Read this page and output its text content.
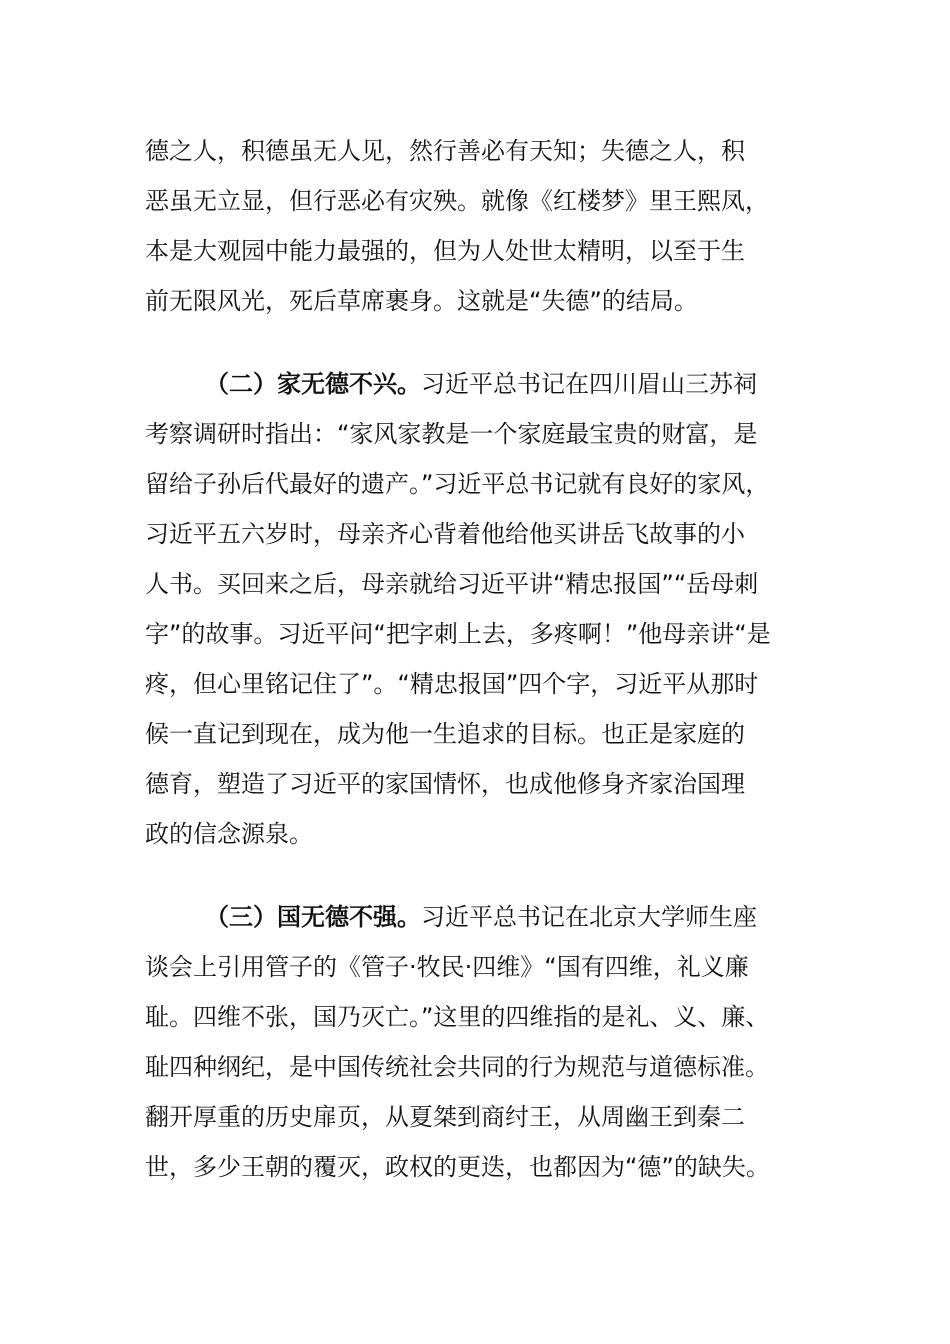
德之人，积德虽无人见，然行善必有天知；失德之人，积
恶虽无立显，但行恶必有灾殃。就像《红楼梦》里王熙凤，
本是大观园中能力最强的，但为人处世太精明，以至于生
前无限风光，死后草席裹身。这就是“失德”的结局。

（二）家无德不兴。习近平总书记在四川眉山三苏祠
考察调研时指出：“家风家教是一个家庭最宝贵的财富，是
留给子孙后代最好的遗产。”习近平总书记就有良好的家风，
习近平五六岁时，母亲齐心背着他给他买讲岳飞故事的小
人书。买回来之后，母亲就给习近平讲“精忠报国”“岳母刺
字”的故事。习近平问“把字刺上去，多疼啊！”他母亲讲“是
疼，但心里铭记住了”。“精忠报国”四个字，习近平从那时
候一直记到现在，成为他一生追求的目标。也正是家庭的
德育，塑造了习近平的家国情怀，也成他修身齐家治国理
政的信念源泉。

（三）国无德不强。习近平总书记在北京大学师生座
谈会上引用管子的《管子·牧民·四维》“国有四维，礼义廉
耻。四维不张，国乃灭亡。”这里的四维指的是礼、义、廉、
耻四种纲纪，是中国传统社会共同的行为规范与道德标准。
翻开厚重的历史扉页，从夏桀到商纣王，从周幽王到秦二
世，多少王朝的覆灭，政权的更迭，也都因为“德”的缺失。
